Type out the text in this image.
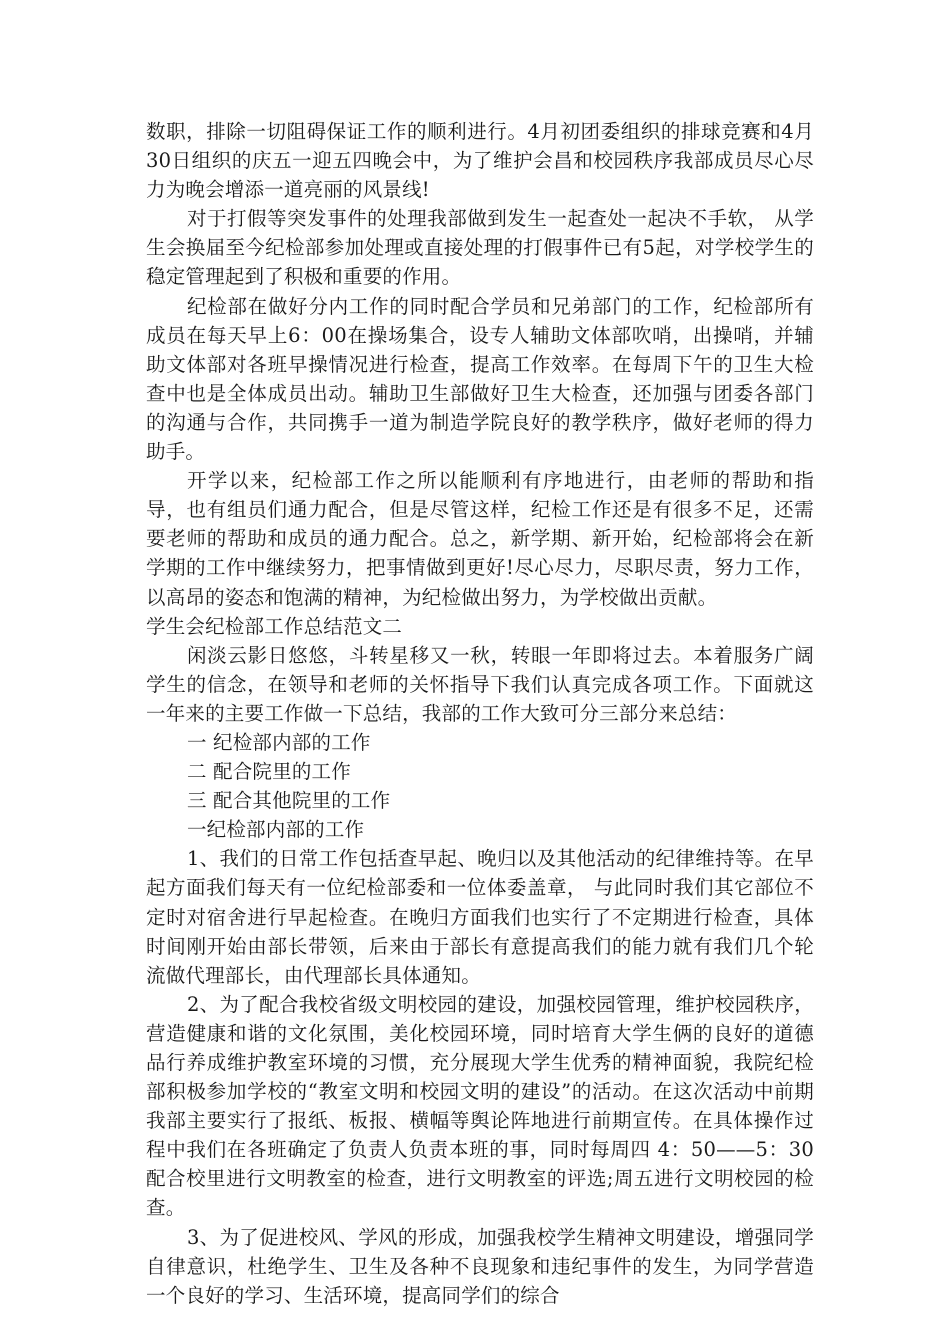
数职，排除一切阻碍保证工作的顺利进行。4月初团委组织的排球竞赛和4月30日组织的庆五一迎五四晚会中，为了维护会昌和校园秩序我部成员尽心尽力为晚会增添一道亮丽的风景线!

对于打假等突发事件的处理我部做到发生一起查处一起决不手软， 从学生会换届至今纪检部参加处理或直接处理的打假事件已有5起，对学校学生的稳定管理起到了积极和重要的作用。

纪检部在做好分内工作的同时配合学员和兄弟部门的工作，纪检部所有成员在每天早上6：00在操场集合，设专人辅助文体部吹哨，出操哨，并辅助文体部对各班早操情况进行检查，提高工作效率。在每周下午的卫生大检查中也是全体成员出动。辅助卫生部做好卫生大检查，还加强与团委各部门的沟通与合作，共同携手一道为制造学院良好的教学秩序，做好老师的得力助手。

开学以来，纪检部工作之所以能顺利有序地进行，由老师的帮助和指导，也有组员们通力配合，但是尽管这样，纪检工作还是有很多不足，还需要老师的帮助和成员的通力配合。总之，新学期、新开始，纪检部将会在新学期的工作中继续努力，把事情做到更好!尽心尽力，尽职尽责，努力工作，以高昂的姿态和饱满的精神，为纪检做出努力，为学校做出贡献。

学生会纪检部工作总结范文二

闲淡云影日悠悠，斗转星移又一秋，转眼一年即将过去。本着服务广阔学生的信念，在领导和老师的关怀指导下我们认真完成各项工作。下面就这一年来的主要工作做一下总结，我部的工作大致可分三部分来总结：

一 纪检部内部的工作

二 配合院里的工作

三 配合其他院里的工作

一纪检部内部的工作

1、我们的日常工作包括查早起、晚归以及其他活动的纪律维持等。在早起方面我们每天有一位纪检部委和一位体委盖章， 与此同时我们其它部位不定时对宿舍进行早起检查。在晚归方面我们也实行了不定期进行检查，具体时间刚开始由部长带领，后来由于部长有意提高我们的能力就有我们几个轮流做代理部长，由代理部长具体通知。

2、为了配合我校省级文明校园的建设，加强校园管理，维护校园秩序，营造健康和谐的文化氛围，美化校园环境，同时培育大学生俩的良好的道德品行养成维护教室环境的习惯，充分展现大学生优秀的精神面貌，我院纪检部积极参加学校的“教室文明和校园文明的建设”的活动。在这次活动中前期我部主要实行了报纸、板报、横幅等舆论阵地进行前期宣传。在具体操作过程中我们在各班确定了负责人负责本班的事，同时每周四 4：50——5：30配合校里进行文明教室的检查，进行文明教室的评选;周五进行文明校园的检查。

3、为了促进校风、学风的形成，加强我校学生精神文明建设，增强同学自律意识，杜绝学生、卫生及各种不良现象和违纪事件的发生，为同学营造一个良好的学习、生活环境，提高同学们的综合
